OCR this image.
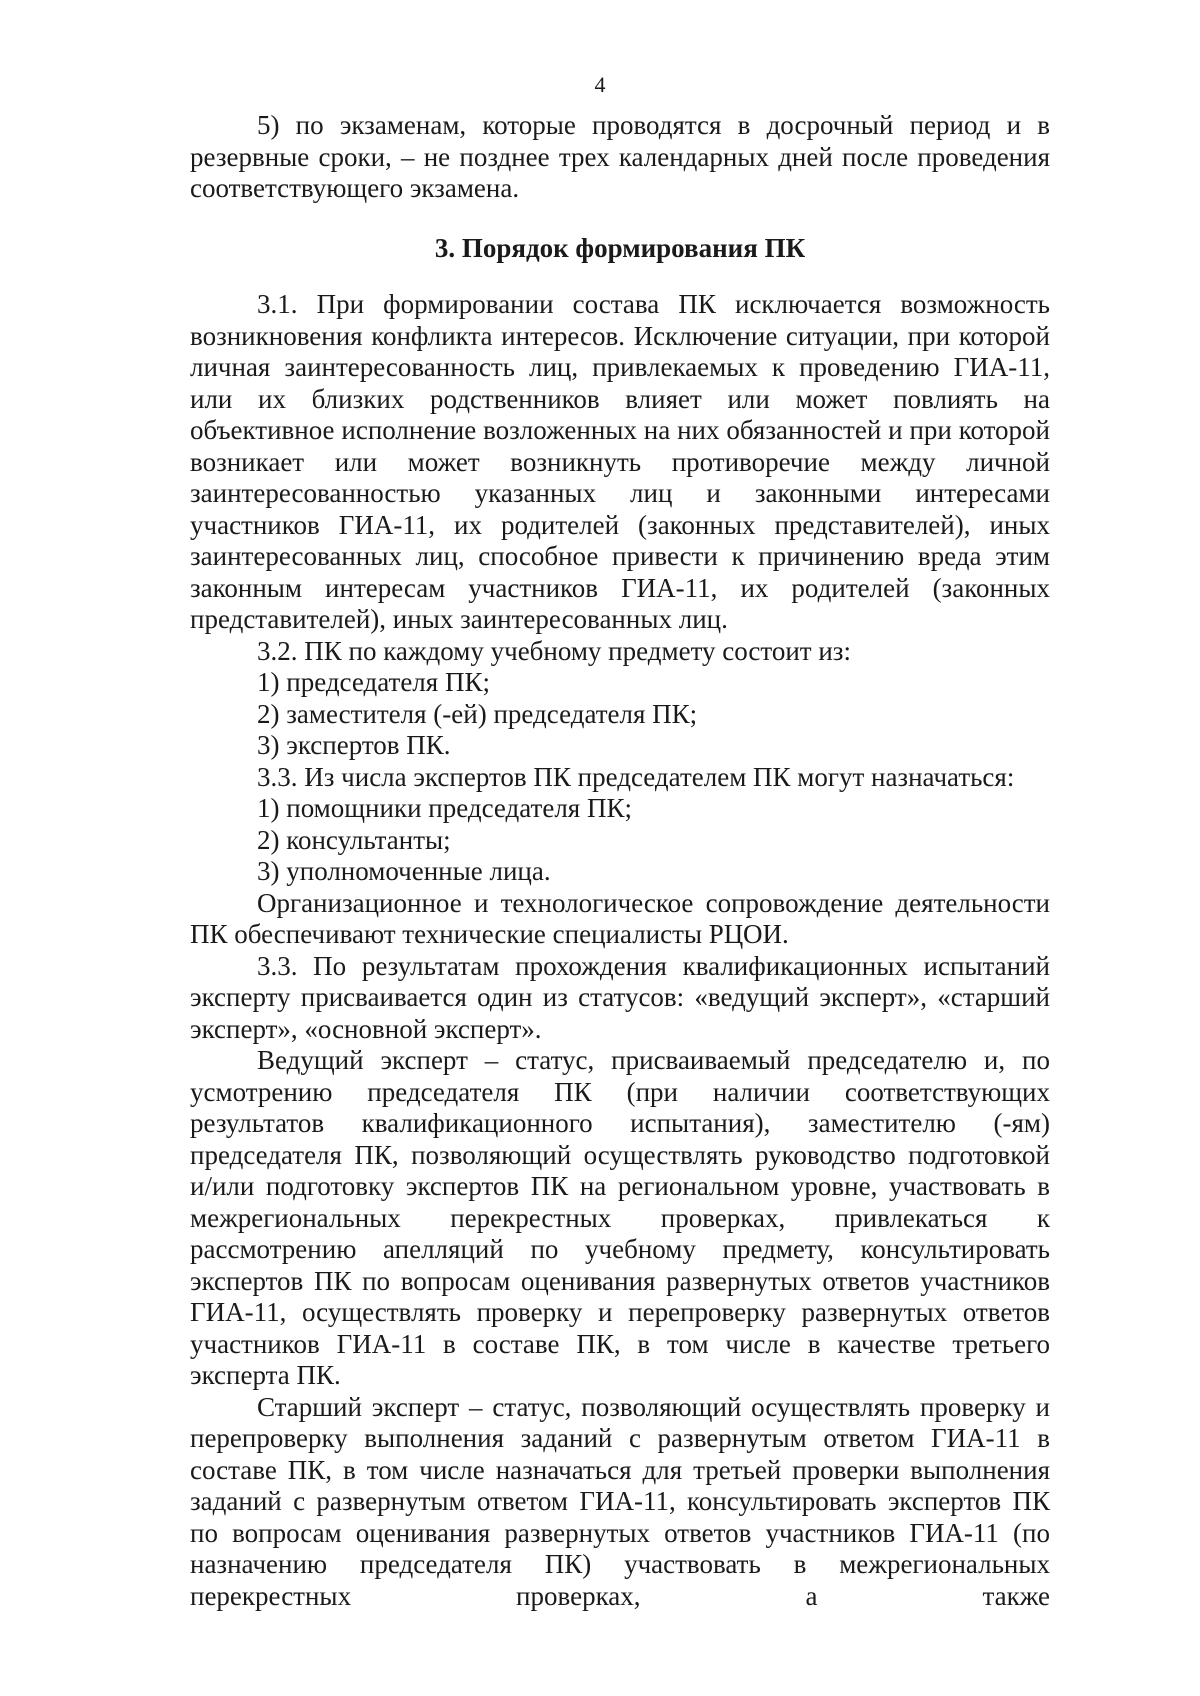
4

5) по экзаменам, которые проводятся в досрочный период и в резервные сроки, – не позднее трех календарных дней после проведения соответствующего экзамена.

3. Порядок формирования ПК

3.1. При формировании состава ПК исключается возможность возникновения конфликта интересов. Исключение ситуации, при которой личная заинтересованность лиц, привлекаемых к проведению ГИА-11, или их близких родственников влияет или может повлиять на объективное исполнение возложенных на них обязанностей и при которой возникает или может возникнуть противоречие между личной заинтересованностью указанных лиц и законными интересами участников ГИА-11, их родителей (законных представителей), иных заинтересованных лиц, способное привести к причинению вреда этим законным интересам участников ГИА-11, их родителей (законных представителей), иных заинтересованных лиц.

3.2. ПК по каждому учебному предмету состоит из:

1) председателя ПК;

2) заместителя (-ей) председателя ПК;

3) экспертов ПК.

3.3. Из числа экспертов ПК председателем ПК могут назначаться:

1) помощники председателя ПК;

2) консультанты;

3) уполномоченные лица.

Организационное и технологическое сопровождение деятельности ПК обеспечивают технические специалисты РЦОИ.

3.3. По результатам прохождения квалификационных испытаний эксперту присваивается один из статусов: «ведущий эксперт», «старший эксперт», «основной эксперт».

Ведущий эксперт – статус, присваиваемый председателю и, по усмотрению председателя ПК (при наличии соответствующих результатов квалификационного испытания), заместителю (-ям) председателя ПК, позволяющий осуществлять руководство подготовкой и/или подготовку экспертов ПК на региональном уровне, участвовать в межрегиональных перекрестных проверках, привлекаться к рассмотрению апелляций по учебному предмету, консультировать экспертов ПК по вопросам оценивания развернутых ответов участников ГИА-11, осуществлять проверку и перепроверку развернутых ответов участников ГИА-11 в составе ПК, в том числе в качестве третьего эксперта ПК.

Старший эксперт – статус, позволяющий осуществлять проверку и перепроверку выполнения заданий с развернутым ответом ГИА-11 в составе ПК, в том числе назначаться для третьей проверки выполнения заданий с развернутым ответом ГИА-11, консультировать экспертов ПК по вопросам оценивания развернутых ответов участников ГИА-11 (по назначению председателя ПК) участвовать в межрегиональных перекрестных проверках, а также
